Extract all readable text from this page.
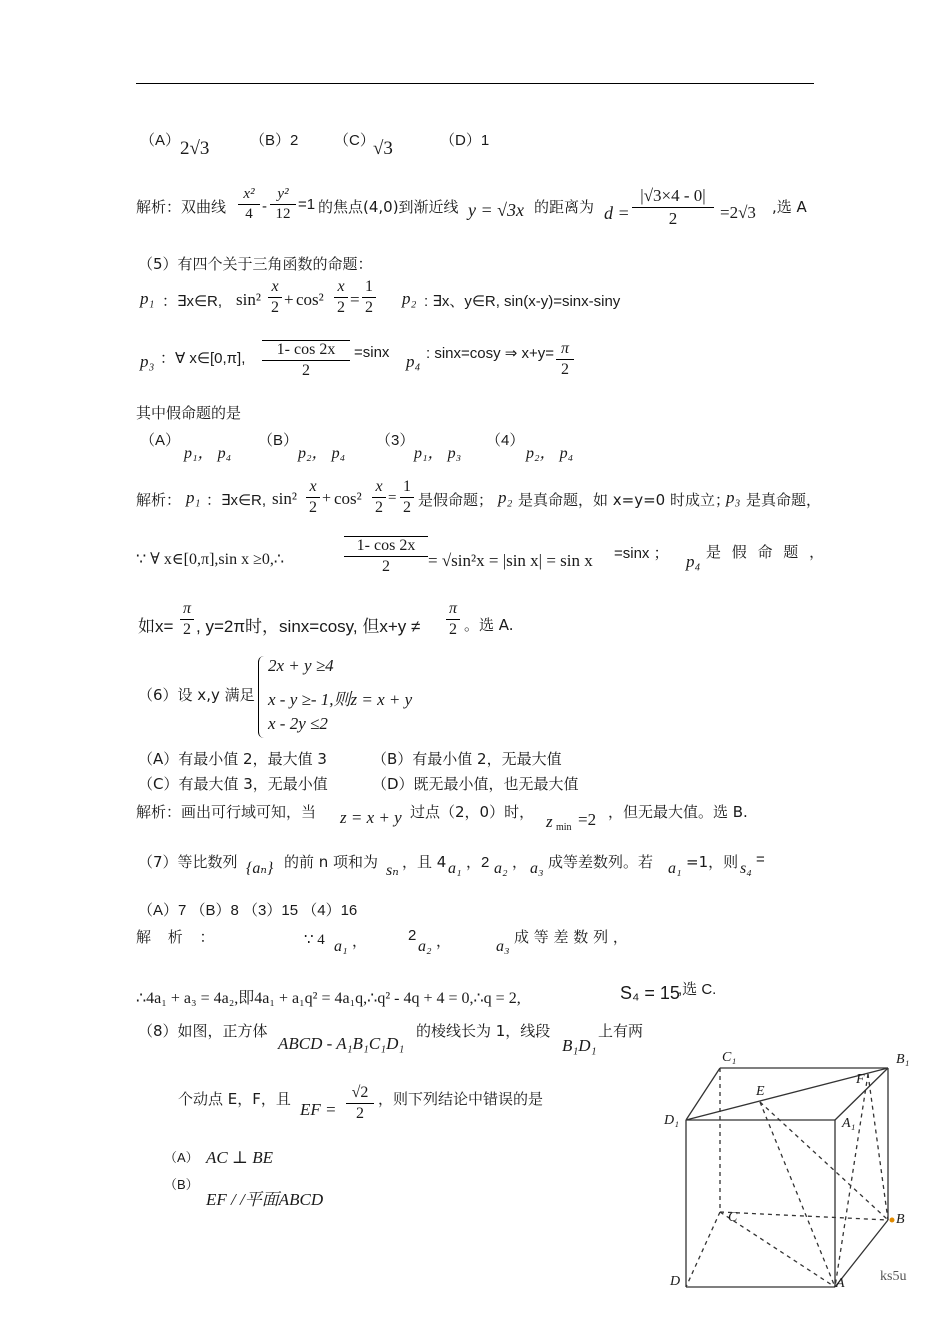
（A） 2√3	（B）2 （C）
√3	（D）1
解析：双曲线
x²
4 -
y²
12
=1 的焦点(4,0)到渐近线 y = √3x 的距离为 d =
|√3×4 - 0|
2	=2√3 ,选 A
（5）有四个关于三角函数的命题：
p₁ ：∃x∈R, sin²
x
2 + cos²
x
2 =
1
2 p₂ : ∃x、y∈R, sin(x-y)=sinx-siny
p₃ ：∀ x∈[0,π],
1- cos 2x
2
=sinx p₄ : sinx=cosy ⇒ x+y= π
2
其中假命题的是
（A）
p₁， p₄
（B）
p₂， p₄
（3）
p₁， p₃
（4）
p₂， p₄
解析： p₁ ：∃x∈R, sin²
x
2
+ cos²
x
2
=
1
2 是假命题； p₂ 是真命题，如 x=y=0 时成立；
p₃ 是真命题，
∵ ∀ x∈[0,π],sin x ≥0,∴
1- cos 2x
2	= √sin²x = |sin x| = sin x =sinx ； p₄ 是 假 命 题 ，
如x=
π
2 , y=2π时，sinx=cosy, 但x+y ≠
π
2 。选 A.
（6）设 x,y 满足
2x + y ≥4
x - y ≥- 1,则z = x + y
x - 2y ≤2
（A）有最小值 2，最大值 3	（B）有最小值 2，无最大值
（C）有最大值 3，无最小值	（D）既无最小值，也无最大值
解析：画出可行域可知，当 z = x + y 过点（2，0）时， z min =2 ，但无最大值。选 B.
（7）等比数列 {aₙ} 的前 n 项和为 sₙ ，且 4 a₁ ，2 a₂ ， a₃ 成等差数列。若 a₁ =1，则 s₄
=
（A）7 （B）8 （3）15 （4）16
解 析 ：	∵ 4 a₁ ，	2
a₂ ，	a₃
成 等 差 数 列 ，
∴4a₁ + a₃ = 4a₂,即4a₁ + a₁q² = 4a₁q,∴q² - 4q + 4 = 0,∴q = 2,	S₄ = 15
,选 C.
（8）如图，正方体
ABCD - A₁B₁C₁D₁
的棱线长为 1，线段
B₁D₁
上有两
个动点 E，F，且
EF =
√2
2
，则下列结论中错误的是
（A） AC ⊥ BE
（B）
EF / /平面ABCD
C₁	B₁
E
F
D₁	A₁
C	B
D	A	ks5u
